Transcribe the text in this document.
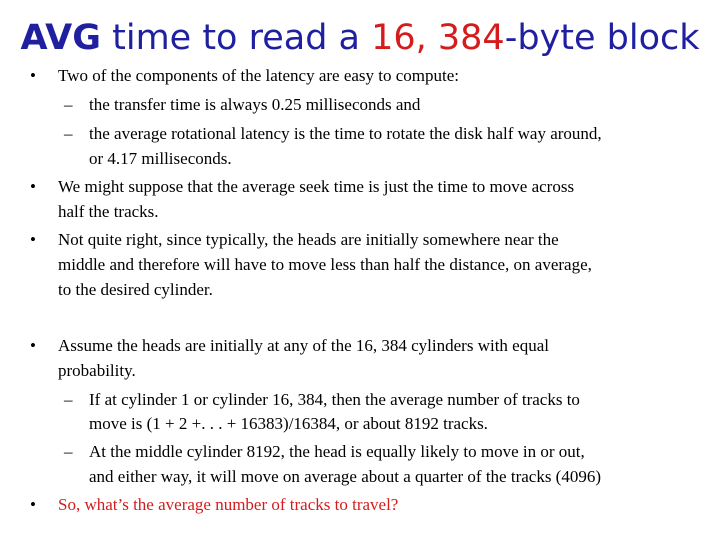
AVG time to read a 16, 384-byte block
• Two of the components of the latency are easy to compute:
– the transfer time is always 0.25 milliseconds and
– the average rotational latency is the time to rotate the disk half way around,
or 4.17 milliseconds.
• We might suppose that the average seek time is just the time to move across
half the tracks.
• Not quite right, since typically, the heads are initially somewhere near the
middle and therefore will have to move less than half the distance, on average,
to the desired cylinder.
• Assume the heads are initially at any of the 16, 384 cylinders with equal
probability.
– If at cylinder 1 or cylinder 16, 384, then the average number of tracks to
move is (1 + 2 +. . . + 16383)/16384, or about 8192 tracks.
– At the middle cylinder 8192, the head is equally likely to move in or out,
and either way, it will move on average about a quarter of the tracks (4096)
• So, what’s the average number of tracks to travel?
